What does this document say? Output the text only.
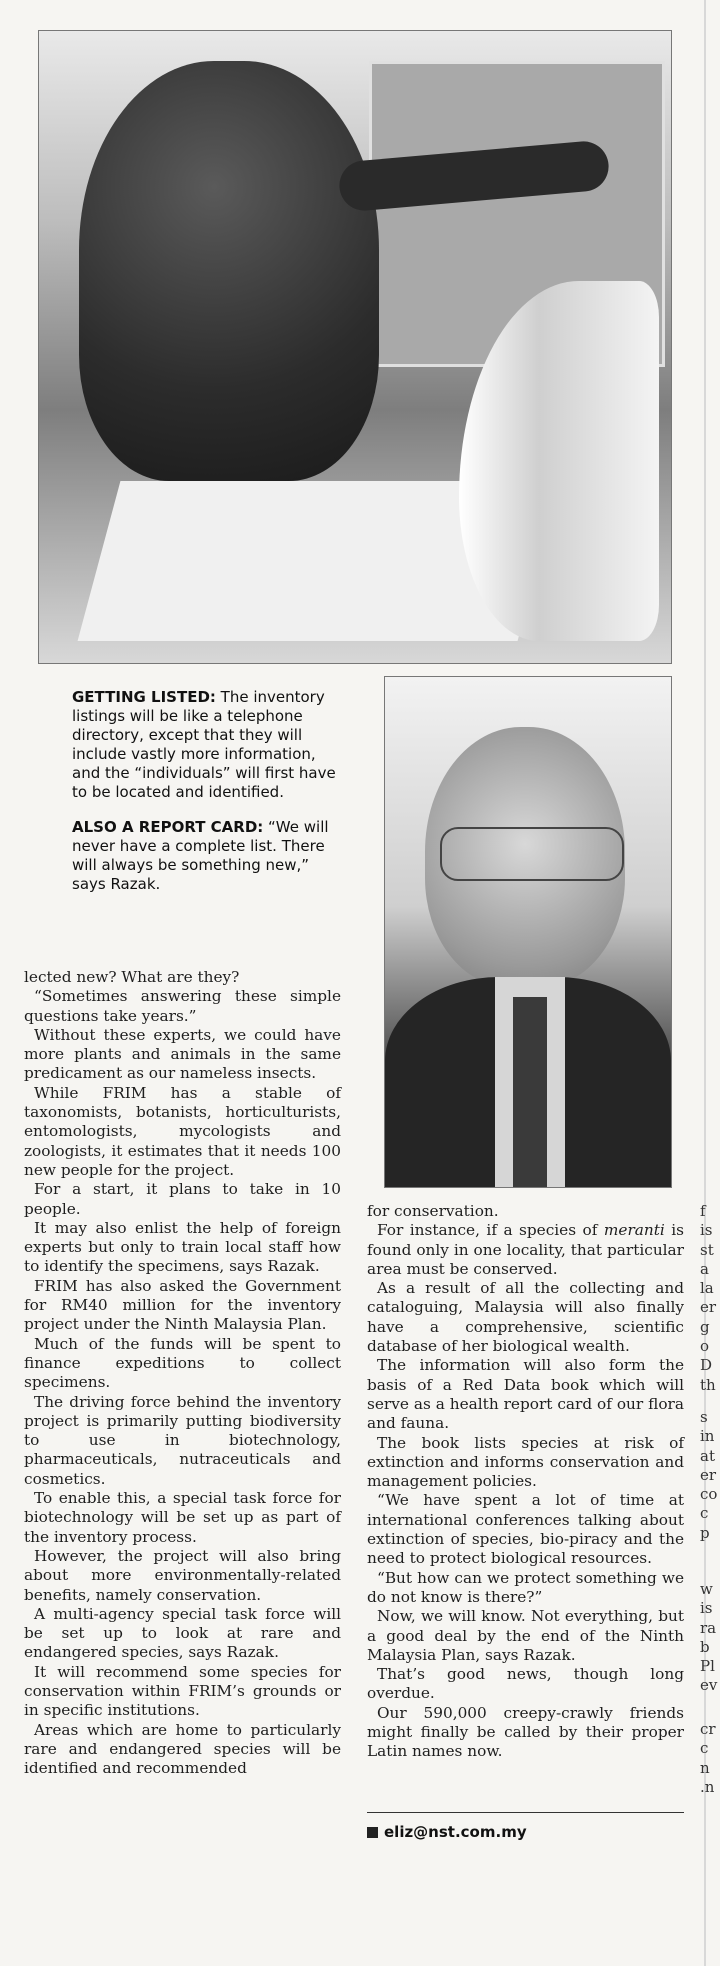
GETTING LISTED: The inventory listings will be like a telephone directory, except that they will include vastly more information, and the “individuals” will first have to be located and identified.

ALSO A REPORT CARD: “We will never have a complete list. There will always be something new,” says Razak.

lected new? What are they?

“Sometimes answering these simple questions take years.”

Without these experts, we could have more plants and animals in the same predicament as our nameless insects.

While FRIM has a stable of taxonomists, botanists, horticulturists, entomologists, mycologists and zoologists, it estimates that it needs 100 new people for the project.

For a start, it plans to take in 10 people.

It may also enlist the help of foreign experts but only to train local staff how to identify the specimens, says Razak.

FRIM has also asked the Government for RM40 million for the inventory project under the Ninth Malaysia Plan.

Much of the funds will be spent to finance expeditions to collect specimens.

The driving force behind the inventory project is primarily putting biodiversity to use in biotechnology, pharmaceuticals, nutraceuticals and cosmetics.

To enable this, a special task force for biotechnology will be set up as part of the inventory process.

However, the project will also bring about more environmentally-related benefits, namely conservation.

A multi-agency special task force will be set up to look at rare and endangered species, says Razak.

It will recommend some species for conservation within FRIM’s grounds or in specific institutions.

Areas which are home to particularly rare and endangered species will be identified and recommended

for conservation.

For instance, if a species of meranti is found only in one locality, that particular area must be conserved.

As a result of all the collecting and cataloguing, Malaysia will also finally have a comprehensive, scientific database of her biological wealth.

The information will also form the basis of a Red Data book which will serve as a health report card of our flora and fauna.

The book lists species at risk of extinction and informs conservation and management policies.

“We have spent a lot of time at international conferences talking about extinction of species, bio-piracy and the need to protect biological resources.

“But how can we protect something we do not know is there?”

Now, we will know. Not everything, but a good deal by the end of the Ninth Malaysia Plan, says Razak.

That’s good news, though long overdue.

Our 590,000 creepy-crawly friends might finally be called by their proper Latin names now.

eliz@nst.com.my
f
is
st
a
la
er
g
o
D
th
s
in
at
er
co
c
p
w
is
ra
b
Pl
ev
cr
c
n
.n
